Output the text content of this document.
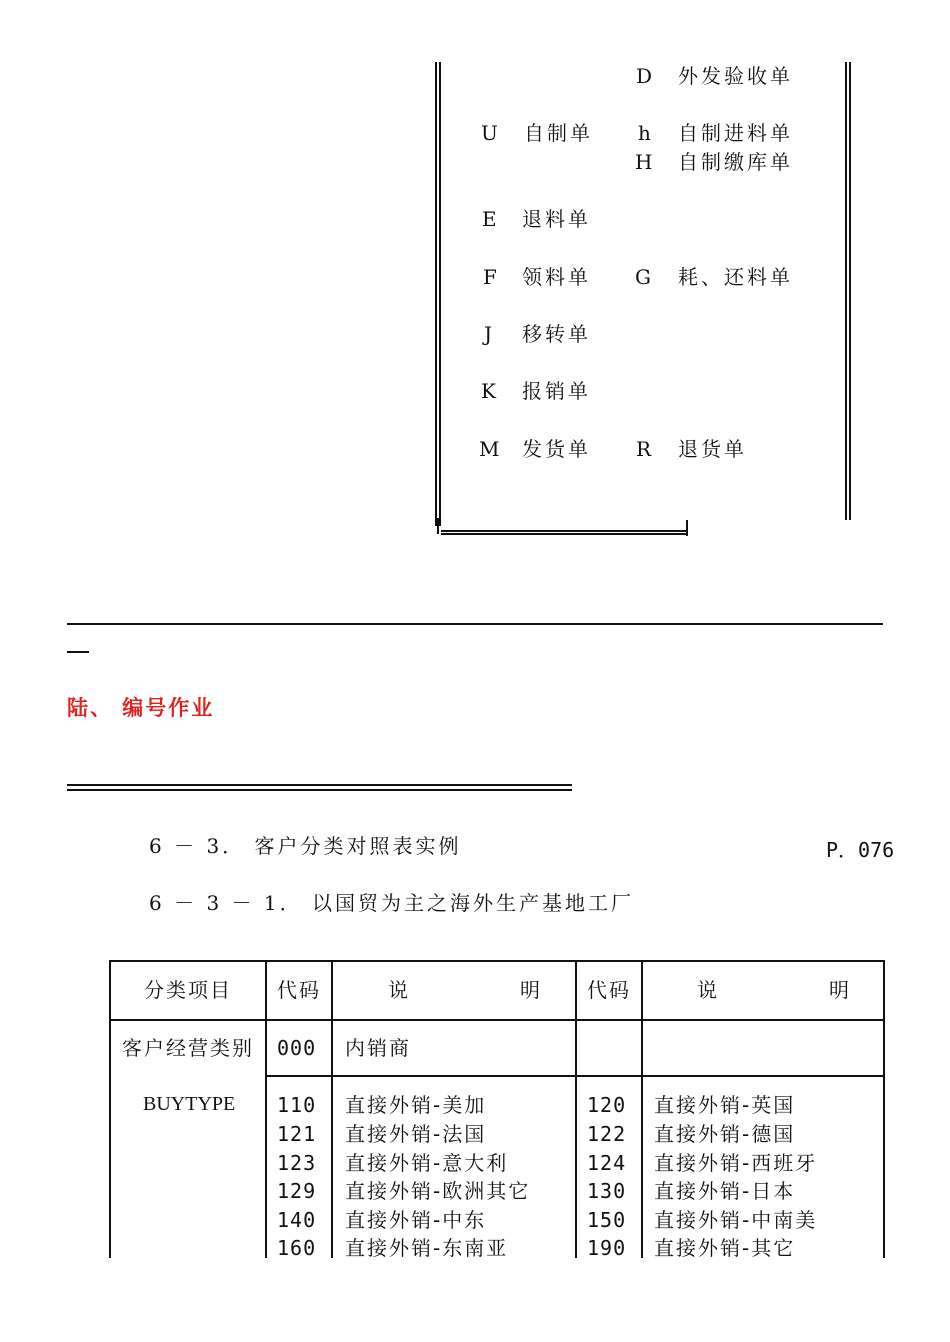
D 外发验收单
U 自制单 h 自制进料单
H 自制缴库单
E 退料单
F 领料单 G 耗、还料单
J 移转单
K 报销单
M 发货单 R 退货单
陆、 编号作业
6 － 3． 客户分类对照表实例	P．076
6 － 3 － 1． 以国贸为主之海外生产基地工厂
分类项目 代码	说　　　　　明 代码	说　　　　　明
客户经营类别
BUYTYPE
000 内销商
110 直接外销-美加	120 直接外销-英国
121 直接外销-法国	122 直接外销-德国
123 直接外销-意大利	124 直接外销-西班牙
129 直接外销-欧洲其它	130 直接外销-日本
140 直接外销-中东	150 直接外销-中南美
160 直接外销-东南亚	190 直接外销-其它
